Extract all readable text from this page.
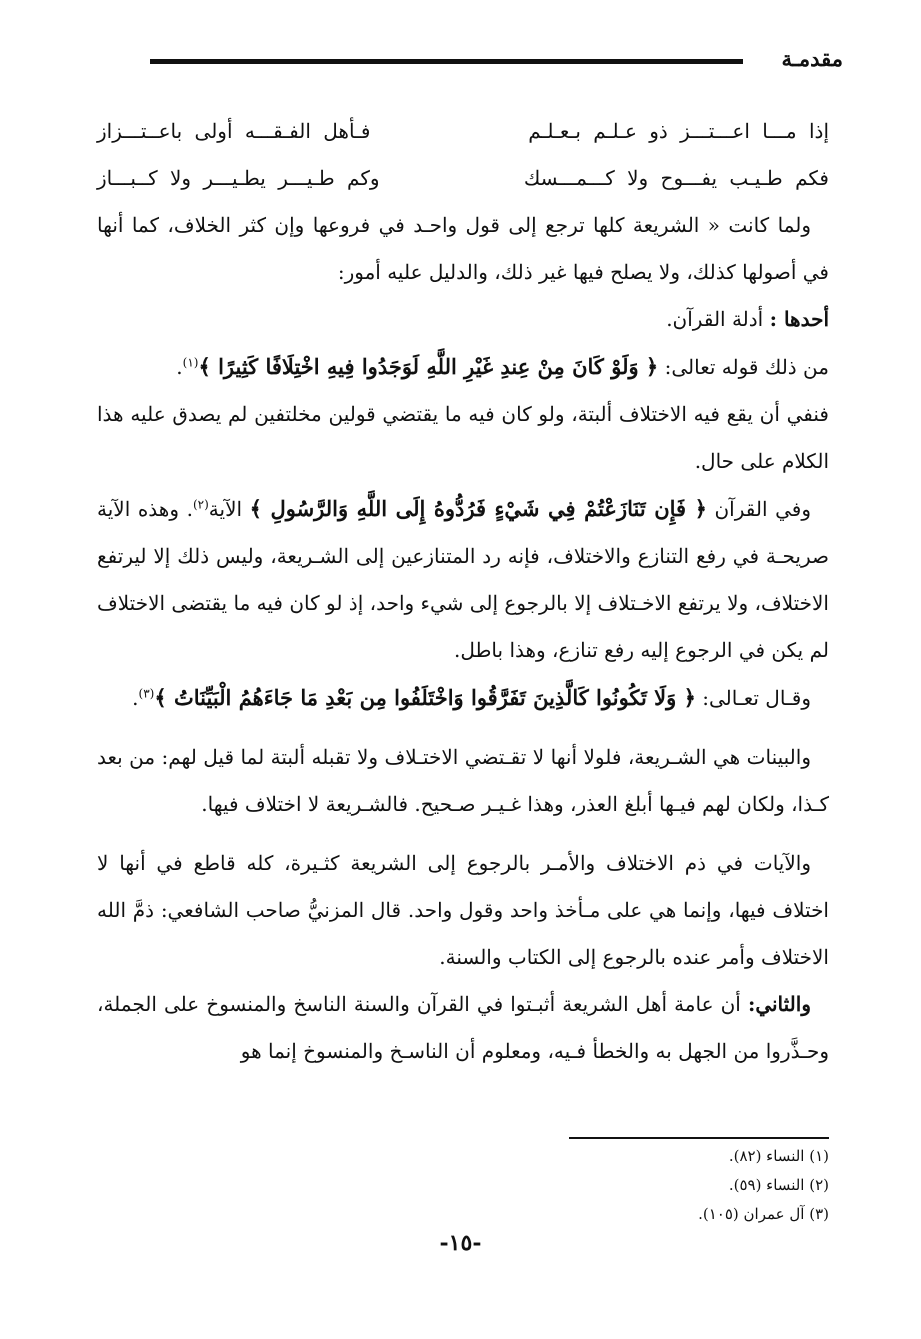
مقدمـة
إذا مـــا اعـــتـــز ذو عـلـم بـعـلـم
فـأهل الفـقـــه أولى باعــتـــزاز
فكم طـيـب يفـــوح ولا كـــمـــسك
وكم طـيـــر يطـيـــر ولا كــبـــاز

ولما كانت « الشريعة كلها ترجع إلى قول واحـد في فروعها وإن كثر الخلاف، كما أنها في أصولها كذلك، ولا يصلح فيها غير ذلك، والدليل عليه أمور:

أحدها : أدلة القرآن.

من ذلك قوله تعالى: ﴿ وَلَوْ كَانَ مِنْ عِندِ غَيْرِ اللَّهِ لَوَجَدُوا فِيهِ اخْتِلَافًا كَثِيرًا ﴾$^{(١)}$.

فنفي أن يقع فيه الاختلاف ألبتة، ولو كان فيه ما يقتضي قولين مخلتفين لم يصدق عليه هذا الكلام على حال.

وفي القرآن ﴿ فَإِن تَنَازَعْتُمْ فِي شَيْءٍ فَرُدُّوهُ إِلَى اللَّهِ وَالرَّسُولِ ﴾ الآية$^{(٢)}$. وهذه الآية صريحـة في رفع التنازع والاختلاف، فإنه رد المتنازعين إلى الشـريعة، وليس ذلك إلا ليرتفع الاختلاف، ولا يرتفع الاخـتلاف إلا بالرجوع إلى شيء واحد، إذ لو كان فيه ما يقتضى الاختلاف لم يكن في الرجوع إليه رفع تنازع، وهذا باطل.

وقـال تعـالى: ﴿ وَلَا تَكُونُوا كَالَّذِينَ تَفَرَّقُوا وَاخْتَلَفُوا مِن بَعْدِ مَا جَاءَهُمُ الْبَيِّنَاتُ ﴾$^{(٣)}$.

والبينات هي الشـريعة، فلولا أنها لا تقـتضي الاختـلاف ولا تقبله ألبتة لما قيل لهم: من بعد كـذا، ولكان لهم فيـها أبلغ العذر، وهذا غـيـر صـحيح. فالشـريعة لا اختلاف فيها.

والآيات في ذم الاختلاف والأمـر بالرجوع إلى الشريعة كثـيرة، كله قاطع في أنها لا اختلاف فيها، وإنما هي على مـأخذ واحد وقول واحد. قال المزنيُّ صاحب الشافعي: ذمَّ الله الاختلاف وأمر عنده بالرجوع إلى الكتاب والسنة.

والثاني: أن عامة أهل الشريعة أثبـتوا في القرآن والسنة الناسخ والمنسوخ على الجملة، وحـذَّروا من الجهل به والخطأ فـيه، ومعلوم أن الناسـخ والمنسوخ إنما هو

(١) النساء (٨٢).
(٢) النساء (٥٩).
(٣) آل عمران (١٠٥).
-١٥-
